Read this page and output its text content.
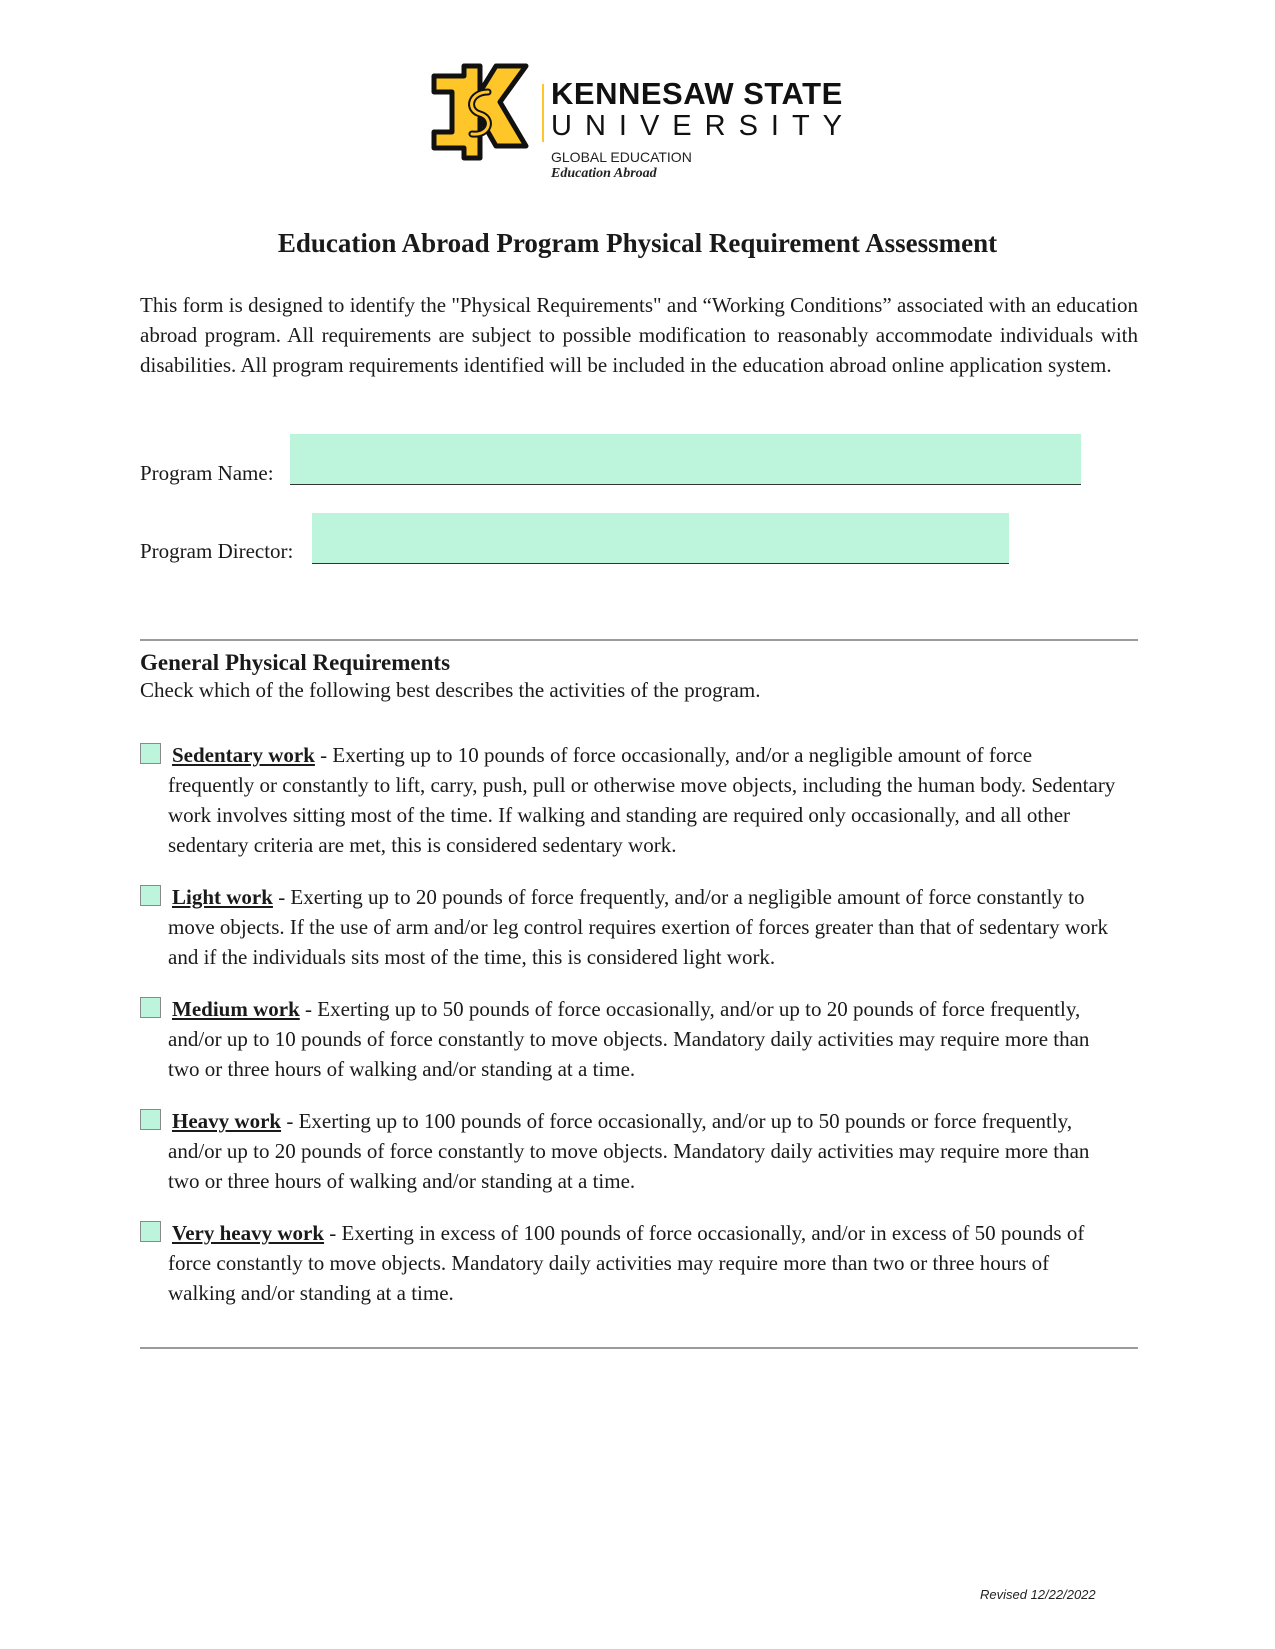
KENNESAW STATE
UNIVERSITY
GLOBAL EDUCATION
Education Abroad
Education Abroad Program Physical Requirement Assessment
This form is designed to identify the "Physical Requirements" and “Working Conditions” associated with an education abroad program. All requirements are subject to possible modification to reasonably accommodate individuals with disabilities. All program requirements identified will be included in the education abroad online application system.
Program Name:
Program Director:
General Physical Requirements
Check which of the following best describes the activities of the program.
Sedentary work - Exerting up to 10 pounds of force occasionally, and/or a negligible amount of force frequently or constantly to lift, carry, push, pull or otherwise move objects, including the human body. Sedentary work involves sitting most of the time. If walking and standing are required only occasionally, and all other sedentary criteria are met, this is considered sedentary work.
Light work - Exerting up to 20 pounds of force frequently, and/or a negligible amount of force constantly to move objects. If the use of arm and/or leg control requires exertion of forces greater than that of sedentary work and if the individuals sits most of the time, this is considered light work.
Medium work - Exerting up to 50 pounds of force occasionally, and/or up to 20 pounds of force frequently, and/or up to 10 pounds of force constantly to move objects. Mandatory daily activities may require more than two or three hours of walking and/or standing at a time.
Heavy work - Exerting up to 100 pounds of force occasionally, and/or up to 50 pounds or force frequently, and/or up to 20 pounds of force constantly to move objects. Mandatory daily activities may require more than two or three hours of walking and/or standing at a time.
Very heavy work - Exerting in excess of 100 pounds of force occasionally, and/or in excess of 50 pounds of force constantly to move objects. Mandatory daily activities may require more than two or three hours of walking and/or standing at a time.
Revised 12/22/2022
